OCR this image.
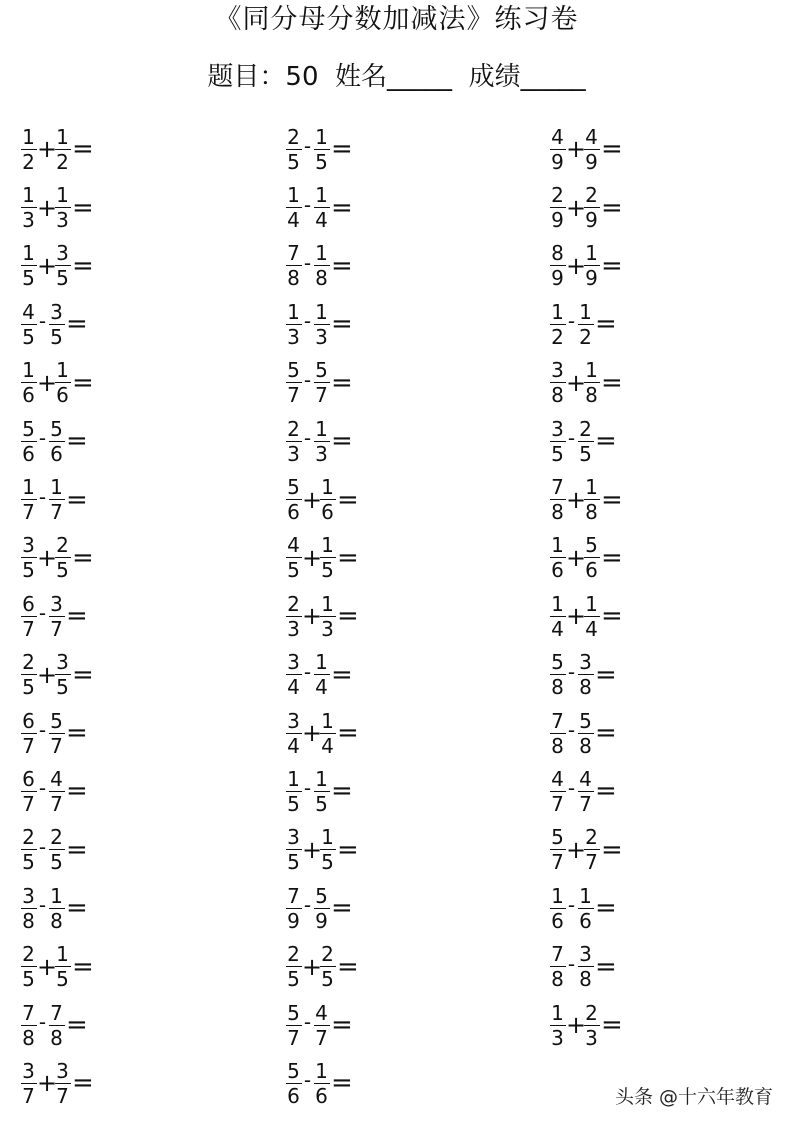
《同分母分数加减法》练习卷
题目：50  姓名_____  成绩_____
$\frac{1}{2}$ +
$\frac{1}{2}$ =
$\frac{1}{3}$ +
$\frac{1}{3}$ =
$\frac{1}{5}$ +
$\frac{3}{5}$ =
$\frac{4}{5} - \frac{3}{5}$ =
$\frac{1}{6}$ +
$\frac{1}{6}$ =
$\frac{5}{6} - \frac{5}{6}$ =
$\frac{1}{7} - \frac{1}{7}$ =
$\frac{3}{5}$ +
$\frac{2}{5}$ =
$\frac{6}{7} - \frac{3}{7}$ =
$\frac{2}{5}$ +
$\frac{3}{5}$ =
$\frac{6}{7} - \frac{5}{7}$ =
$\frac{6}{7} - \frac{4}{7}$ =
$\frac{2}{5} - \frac{2}{5}$ =
$\frac{3}{8} - \frac{1}{8}$ =
$\frac{2}{5}$ +
$\frac{1}{5}$ =
$\frac{7}{8} - \frac{7}{8}$ =
$\frac{3}{7}$ +
$\frac{3}{7}$ =
$\frac{2}{5} - \frac{1}{5}$ =
$\frac{1}{4} - \frac{1}{4}$ =
$\frac{7}{8} - \frac{1}{8}$ =
$\frac{1}{3} - \frac{1}{3}$ =
$\frac{5}{7} - \frac{5}{7}$ =
$\frac{2}{3} - \frac{1}{3}$ =
$\frac{5}{6}$ +
$\frac{1}{6}$ =
$\frac{4}{5}$ +
$\frac{1}{5}$ =
$\frac{2}{3}$ +
$\frac{1}{3}$ =
$\frac{3}{4} - \frac{1}{4}$ =
$\frac{3}{4}$ +
$\frac{1}{4}$ =
$\frac{1}{5} - \frac{1}{5}$ =
$\frac{3}{5}$ +
$\frac{1}{5}$ =
$\frac{7}{9} - \frac{5}{9}$ =
$\frac{2}{5}$ +
$\frac{2}{5}$ =
$\frac{5}{7} - \frac{4}{7}$ =
$\frac{5}{6} - \frac{1}{6}$ =
$\frac{4}{9}$ +
$\frac{4}{9}$ =
$\frac{2}{9}$ +
$\frac{2}{9}$ =
$\frac{8}{9}$ +
$\frac{1}{9}$ =
$\frac{1}{2} - \frac{1}{2}$ =
$\frac{3}{8}$ +
$\frac{1}{8}$ =
$\frac{3}{5} - \frac{2}{5}$ =
$\frac{7}{8}$ +
$\frac{1}{8}$ =
$\frac{1}{6}$ +
$\frac{5}{6}$ =
$\frac{1}{4}$ +
$\frac{1}{4}$ =
$\frac{5}{8} - \frac{3}{8}$ =
$\frac{7}{8} - \frac{5}{8}$ =
$\frac{4}{7} - \frac{4}{7}$ =
$\frac{5}{7}$ +
$\frac{2}{7}$ =
$\frac{1}{6} - \frac{1}{6}$ =
$\frac{7}{8} - \frac{3}{8}$ =
$\frac{1}{3}$ +
$\frac{2}{3}$ =
头条 @十六年教育
